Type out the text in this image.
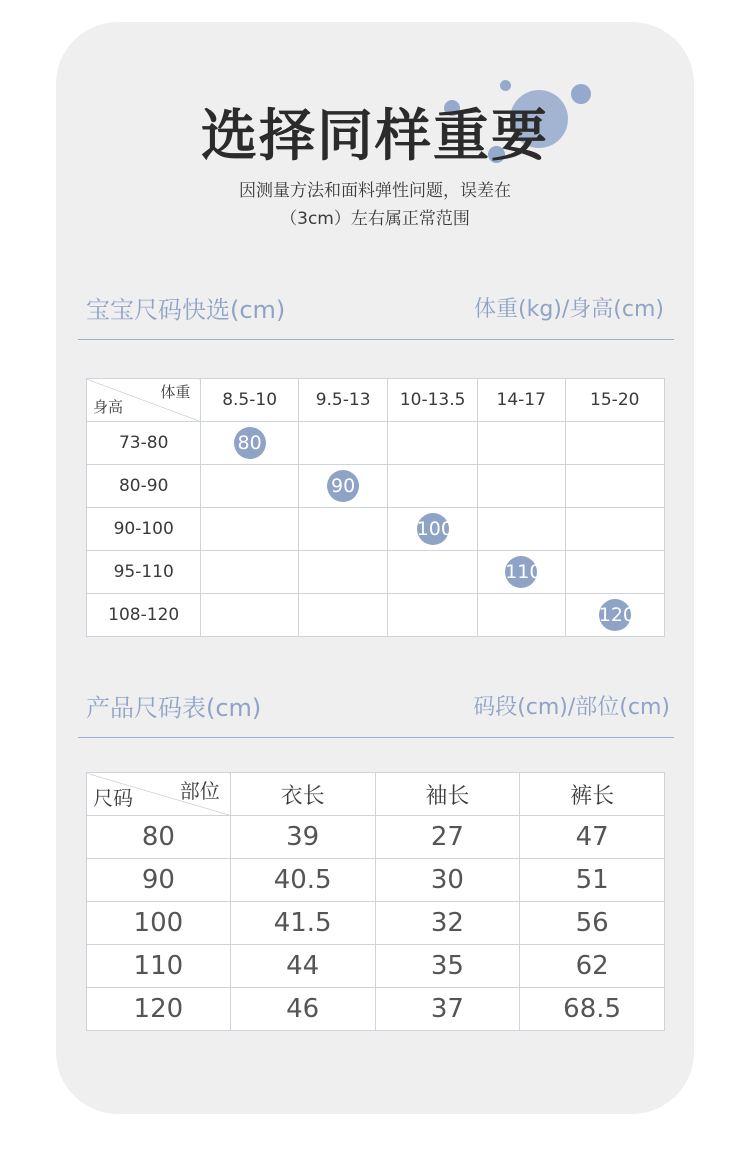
选择同样重要
因测量方法和面料弹性问题，误差在
（3cm）左右属正常范围
宝宝尺码快选(cm)	体重(kg)/身高(cm)
体重
身高	8.5-10	9.5-13	10-13.5	14-17	15-20
73-80	80				
80-90		90			
90-100			100		
95-110				110	
108-120					120
产品尺码表(cm)	码段(cm)/部位(cm)
部位
尺码	衣长	袖长	裤长
80	39	27	47
90	40.5	30	51
100	41.5	32	56
110	44	35	62
120	46	37	68.5
